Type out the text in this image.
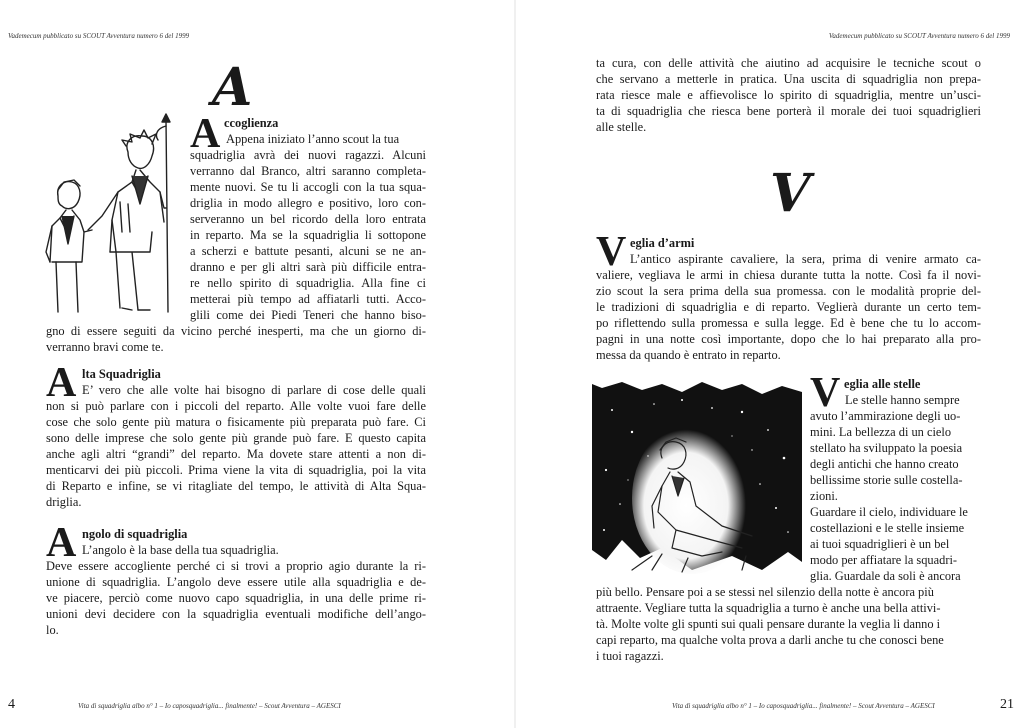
Vademecum pubblicato su SCOUT Avventura numero 6 del 1999	Vademecum pubblicato su SCOUT Avventura numero 6 del 1999
A
A ccoglienza
Appena iniziato l’anno scout la tua
squadriglia avrà dei nuovi ragazzi. Alcuni
verranno dal Branco, altri saranno completa-
mente nuovi. Se tu li accogli con la tua squa-
driglia in modo allegro e positivo, loro con-
serveranno un bel ricordo della loro entrata
in reparto. Ma se la squadriglia li sottopone
a scherzi e battute pesanti, alcuni se ne an-
dranno e per gli altri sarà più difficile entra-
re nello spirito di squadriglia. Alla fine ci
metterai più tempo ad affiatarli tutti. Acco-
glili come dei Piedi Teneri che hanno biso-
gno di essere seguiti da vicino perché inesperti, ma che un giorno di-
verranno bravi come te.
A lta Squadriglia
E’ vero che alle volte hai bisogno di parlare di cose delle quali
non si può parlare con i piccoli del reparto. Alle volte vuoi fare delle
cose che solo gente più matura o fisicamente più preparata può fare. Ci
sono delle imprese che solo gente più grande può fare. E questo capita
anche agli altri “grandi” del reparto. Ma dovete stare attenti a non di-
menticarvi dei più piccoli. Prima viene la vita di squadriglia, poi la vita
di Reparto e infine, se vi ritagliate del tempo, le attività di Alta Squa-
driglia.
A ngolo di squadriglia
L’angolo è la base della tua squadriglia.
Deve essere accogliente perché ci si trovi a proprio agio durante la ri-
unione di squadriglia. L’angolo deve essere utile alla squadriglia e de-
ve piacere, perciò come nuovo capo squadriglia, in una delle prime ri-
unioni devi decidere con la squadriglia eventuali modifiche dell’ango-
lo.
ta cura, con delle attività che aiutino ad acquisire le tecniche scout o
che servano a metterle in pratica. Una uscita di squadriglia non prepa-
rata riesce male e affievolisce lo spirito di squadriglia, mentre un’usci-
ta di squadriglia che riesca bene porterà il morale dei tuoi squadriglieri
alle stelle.
V
V eglia d’armi
L’antico aspirante cavaliere, la sera, prima di venire armato ca-
valiere, vegliava le armi in chiesa durante tutta la notte. Così fa il novi-
zio scout la sera prima della sua promessa. con le modalità proprie del-
le tradizioni di squadriglia e di reparto. Veglierà durante un certo tem-
po riflettendo sulla promessa e sulla legge. Ed è bene che tu lo accom-
pagni in una notte così importante, dopo che lo hai preparato alla pro-
messa da quando è entrato in reparto.
V eglia alle stelle
Le stelle hanno sempre
avuto l’ammirazione degli uo-
mini. La bellezza di un cielo
stellato ha sviluppato la poesia
degli antichi che hanno creato
bellissime storie sulle costella-
zioni.
Guardare il cielo, individuare le
costellazioni e le stelle insieme
ai tuoi squadriglieri è un bel
modo per affiatare la squadri-
glia. Guardale da soli è ancora
più bello. Pensare poi a se stessi nel silenzio della notte è ancora più
attraente. Vegliare tutta la squadriglia a turno è anche una bella attivi-
tà. Molte volte gli spunti sui quali pensare durante la veglia li danno i
capi reparto, ma qualche volta prova a darli anche tu che conosci bene
i tuoi ragazzi.
4	Vita di squadriglia albo n° 1 – Io caposquadriglia... finalmente! – Scout Avventura – AGESCI	Vita di squadriglia albo n° 1 – Io caposquadriglia... finalmente! – Scout Avventura – AGESCI	21
